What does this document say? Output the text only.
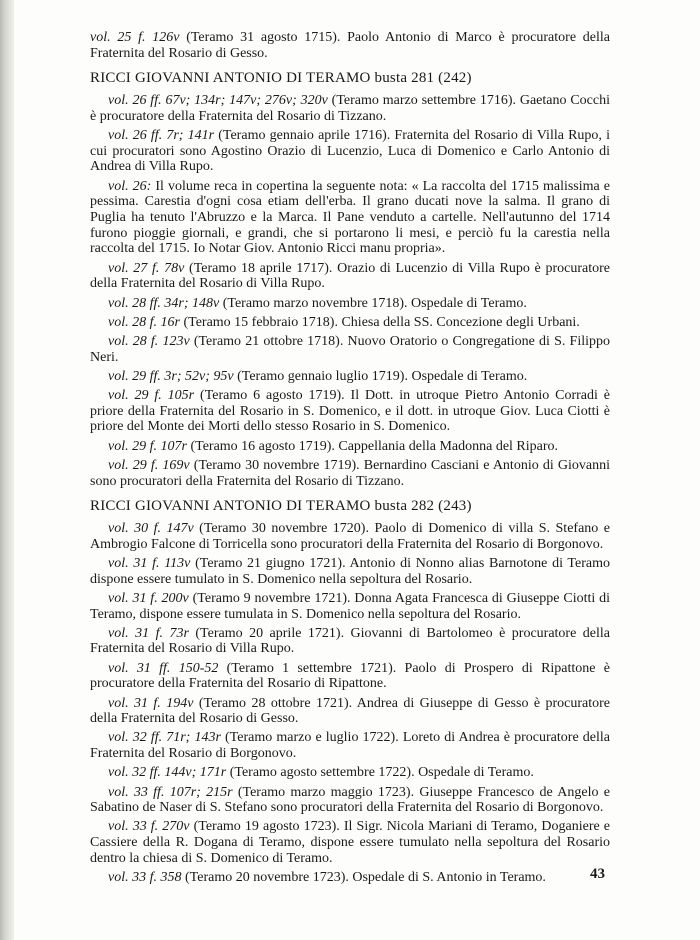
vol. 25 f. 126v (Teramo 31 agosto 1715). Paolo Antonio di Marco è procuratore della Fraternita del Rosario di Gesso.

RICCI GIOVANNI ANTONIO DI TERAMO busta 281 (242)

vol. 26 ff. 67v; 134r; 147v; 276v; 320v (Teramo marzo settembre 1716). Gaetano Cocchi è procuratore della Fraternita del Rosario di Tizzano.

vol. 26 ff. 7r; 141r (Teramo gennaio aprile 1716). Fraternita del Rosario di Villa Rupo, i cui procuratori sono Agostino Orazio di Lucenzio, Luca di Domenico e Carlo Antonio di Andrea di Villa Rupo.

vol. 26: Il volume reca in copertina la seguente nota: « La raccolta del 1715 malissima e pessima. Carestia d'ogni cosa etiam dell'erba. Il grano ducati nove la salma. Il grano di Puglia ha tenuto l'Abruzzo e la Marca. Il Pane venduto a cartelle. Nell'autunno del 1714 furono pioggie giornali, e grandi, che si portarono li mesi, e perciò fu la carestia nella raccolta del 1715. Io Notar Giov. Antonio Ricci manu propria».

vol. 27 f. 78v (Teramo 18 aprile 1717). Orazio di Lucenzio di Villa Rupo è procuratore della Fraternita del Rosario di Villa Rupo.

vol. 28 ff. 34r; 148v (Teramo marzo novembre 1718). Ospedale di Teramo.

vol. 28 f. 16r (Teramo 15 febbraio 1718). Chiesa della SS. Concezione degli Urbani.

vol. 28 f. 123v (Teramo 21 ottobre 1718). Nuovo Oratorio o Congregatione di S. Filippo Neri.

vol. 29 ff. 3r; 52v; 95v (Teramo gennaio luglio 1719). Ospedale di Teramo.

vol. 29 f. 105r (Teramo 6 agosto 1719). Il Dott. in utroque Pietro Antonio Corradi è priore della Fraternita del Rosario in S. Domenico, e il dott. in utroque Giov. Luca Ciotti è priore del Monte dei Morti dello stesso Rosario in S. Domenico.

vol. 29 f. 107r (Teramo 16 agosto 1719). Cappellania della Madonna del Riparo.

vol. 29 f. 169v (Teramo 30 novembre 1719). Bernardino Casciani e Antonio di Giovanni sono procuratori della Fraternita del Rosario di Tizzano.

RICCI GIOVANNI ANTONIO DI TERAMO busta 282 (243)

vol. 30 f. 147v (Teramo 30 novembre 1720). Paolo di Domenico di villa S. Stefano e Ambrogio Falcone di Torricella sono procuratori della Fraternita del Rosario di Borgonovo.

vol. 31 f. 113v (Teramo 21 giugno 1721). Antonio di Nonno alias Barnotone di Teramo dispone essere tumulato in S. Domenico nella sepoltura del Rosario.

vol. 31 f. 200v (Teramo 9 novembre 1721). Donna Agata Francesca di Giuseppe Ciotti di Teramo, dispone essere tumulata in S. Domenico nella sepoltura del Rosario.

vol. 31 f. 73r (Teramo 20 aprile 1721). Giovanni di Bartolomeo è procuratore della Fraternita del Rosario di Villa Rupo.

vol. 31 ff. 150-52 (Teramo 1 settembre 1721). Paolo di Prospero di Ripattone è procuratore della Fraternita del Rosario di Ripattone.

vol. 31 f. 194v (Teramo 28 ottobre 1721). Andrea di Giuseppe di Gesso è procuratore della Fraternita del Rosario di Gesso.

vol. 32 ff. 71r; 143r (Teramo marzo e luglio 1722). Loreto di Andrea è procuratore della Fraternita del Rosario di Borgonovo.

vol. 32 ff. 144v; 171r (Teramo agosto settembre 1722). Ospedale di Teramo.

vol. 33 ff. 107r; 215r (Teramo marzo maggio 1723). Giuseppe Francesco de Angelo e Sabatino de Naser di S. Stefano sono procuratori della Fraternita del Rosario di Borgonovo.

vol. 33 f. 270v (Teramo 19 agosto 1723). Il Sigr. Nicola Mariani di Teramo, Doganiere e Cassiere della R. Dogana di Teramo, dispone essere tumulato nella sepoltura del Rosario dentro la chiesa di S. Domenico di Teramo.

vol. 33 f. 358 (Teramo 20 novembre 1723). Ospedale di S. Antonio in Teramo.	43
